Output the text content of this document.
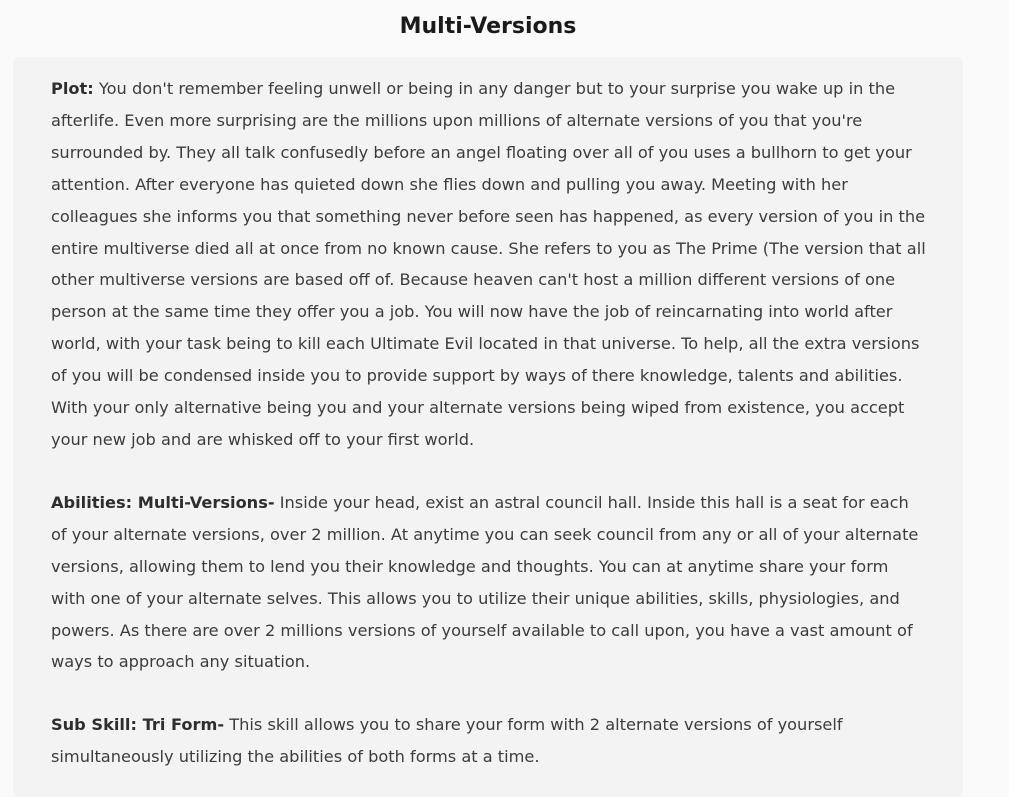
Multi-Versions

Plot: You don't remember feeling unwell or being in any danger but to your surprise you wake up in the afterlife. Even more surprising are the millions upon millions of alternate versions of you that you're surrounded by. They all talk confusedly before an angel floating over all of you uses a bullhorn to get your attention. After everyone has quieted down she flies down and pulling you away. Meeting with her colleagues she informs you that something never before seen has happened, as every version of you in the entire multiverse died all at once from no known cause. She refers to you as The Prime (The version that all other multiverse versions are based off of. Because heaven can't host a million different versions of one person at the same time they offer you a job. You will now have the job of reincarnating into world after world, with your task being to kill each Ultimate Evil located in that universe. To help, all the extra versions of you will be condensed inside you to provide support by ways of there knowledge, talents and abilities. With your only alternative being you and your alternate versions being wiped from existence, you accept your new job and are whisked off to your first world.

Abilities: Multi-Versions- Inside your head, exist an astral council hall. Inside this hall is a seat for each of your alternate versions, over 2 million. At anytime you can seek council from any or all of your alternate versions, allowing them to lend you their knowledge and thoughts. You can at anytime share your form with one of your alternate selves. This allows you to utilize their unique abilities, skills, physiologies, and powers. As there are over 2 millions versions of yourself available to call upon, you have a vast amount of ways to approach any situation.

Sub Skill: Tri Form- This skill allows you to share your form with 2 alternate versions of yourself simultaneously utilizing the abilities of both forms at a time.
